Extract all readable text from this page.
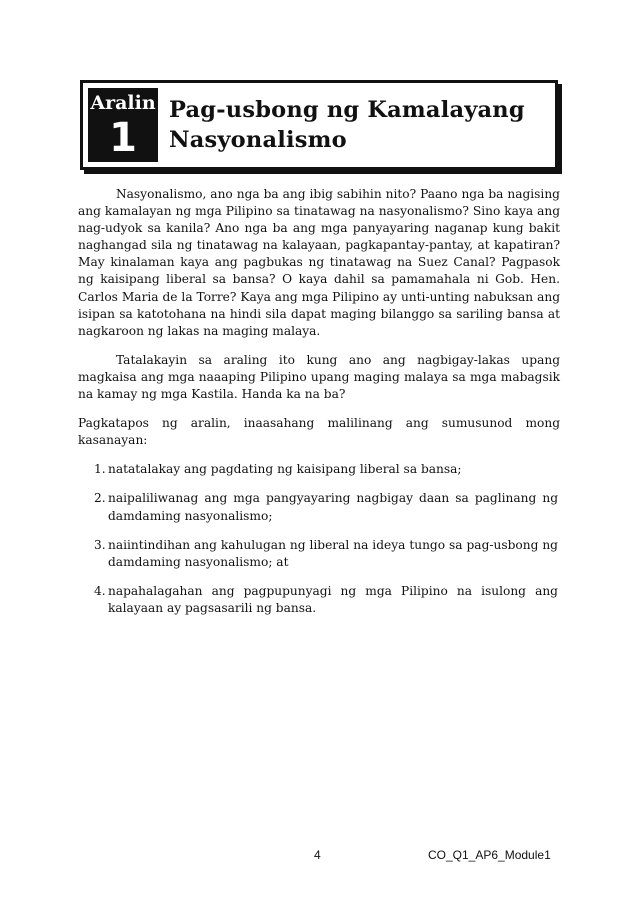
Aralin
1
Pag-usbong ng Kamalayang Nasyonalismo

Nasyonalismo, ano nga ba ang ibig sabihin nito? Paano nga ba nagising ang kamalayan ng mga Pilipino sa tinatawag na nasyonalismo? Sino kaya ang nag-udyok sa kanila? Ano nga ba ang mga panyayaring naganap kung bakit naghangad sila ng tinatawag na kalayaan, pagkapantay-pantay, at kapatiran? May kinalaman kaya ang pagbukas ng tinatawag na Suez Canal? Pagpasok ng kaisipang liberal sa bansa? O kaya dahil sa pamamahala ni Gob. Hen. Carlos Maria de la Torre? Kaya ang mga Pilipino ay unti-unting nabuksan ang isipan sa katotohana na hindi sila dapat maging bilanggo sa sariling bansa at nagkaroon ng lakas na maging malaya.

Tatalakayin sa araling ito kung ano ang nagbigay-lakas upang magkaisa ang mga naaaping Pilipino upang maging malaya sa mga mabagsik na kamay ng mga Kastila. Handa ka na ba?

Pagkatapos ng aralin, inaasahang malilinang ang sumusunod mong kasanayan:

1. natatalakay ang pagdating ng kaisipang liberal sa bansa;
2. naipaliliwanag ang mga pangyayaring nagbigay daan sa paglinang ng damdaming nasyonalismo;
3. naiintindihan ang kahulugan ng liberal na ideya tungo sa pag-usbong ng damdaming nasyonalismo; at
4. napahalagahan ang pagpupunyagi ng mga Pilipino na isulong ang kalayaan ay pagsasarili ng bansa.
4	CO_Q1_AP6_Module1
